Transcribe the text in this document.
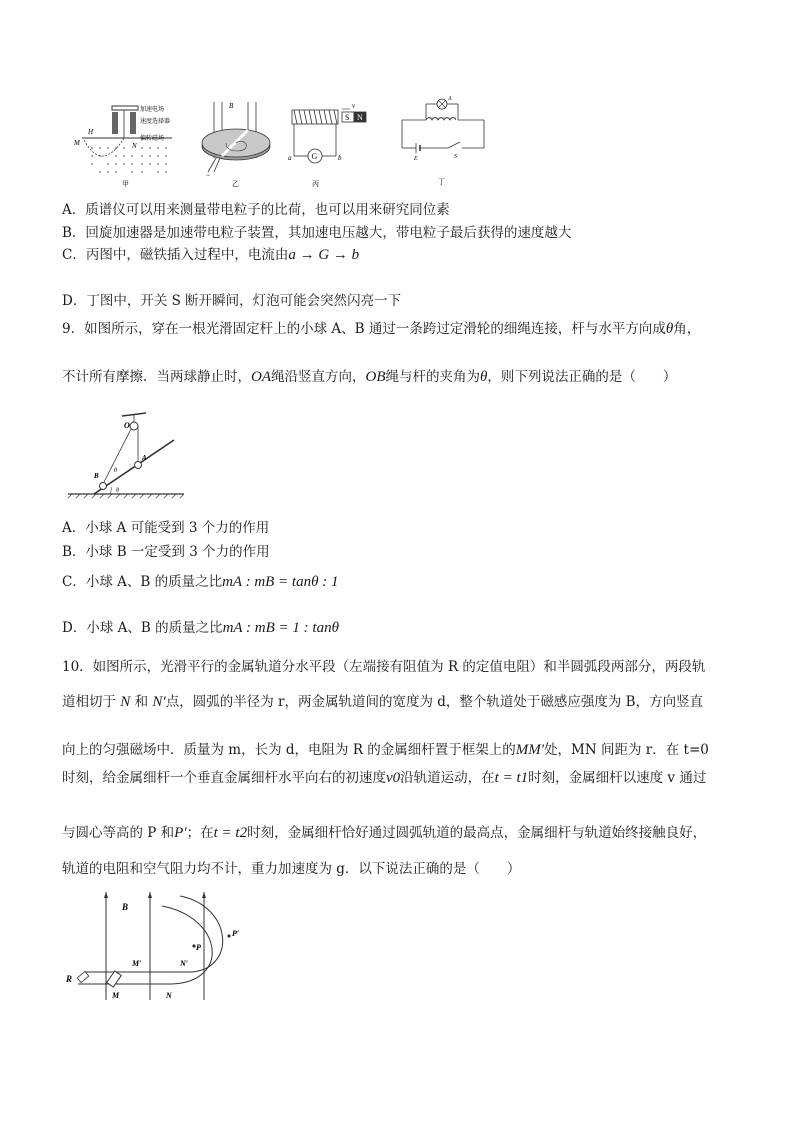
加速电场
速度选择器
偏转磁场
H
M	N
甲
B
~
乙
S N
v
G
a	b
丙
A
E	S
丁
A．质谱仪可以用来测量带电粒子的比荷，也可以用来研究同位素
B．回旋加速器是加速带电粒子装置，其加速电压越大，带电粒子最后获得的速度越大
C．丙图中，磁铁插入过程中，电流由a → G → b
D．丁图中，开关 S 断开瞬间，灯泡可能会突然闪亮一下
9．如图所示，穿在一根光滑固定杆上的小球 A、B 通过一条跨过定滑轮的细绳连接，杆与水平方向成θ角，
不计所有摩擦．当两球静止时，OA绳沿竖直方向，OB绳与杆的夹角为θ，则下列说法正确的是（　　）
O
A
B
θ
θ
A．小球 A 可能受到 3 个力的作用
B．小球 B 一定受到 3 个力的作用
C．小球 A、B 的质量之比mA : mB = tanθ : 1
D．小球 A、B 的质量之比mA : mB = 1 : tanθ
10．如图所示，光滑平行的金属轨道分水平段（左端接有阻值为 R 的定值电阻）和半圆弧段两部分，两段轨
道相切于 N 和 N′点，圆弧的半径为 r，两金属轨道间的宽度为 d，整个轨道处于磁感应强度为 B，方向竖直
向上的匀强磁场中．质量为 m，长为 d，电阻为 R 的金属细杆置于框架上的MM′处，MN 间距为 r．在 t=0
时刻，给金属细杆一个垂直金属细杆水平向右的初速度v0沿轨道运动，在t = t1时刻，金属细杆以速度 v 通过
与圆心等高的 P 和P′；在t = t2时刻，金属细杆恰好通过圆弧轨道的最高点，金属细杆与轨道始终接触良好，
轨道的电阻和空气阻力均不计，重力加速度为 g．以下说法正确的是（　　）
B
R
M′
M
N′
N
P
P′
